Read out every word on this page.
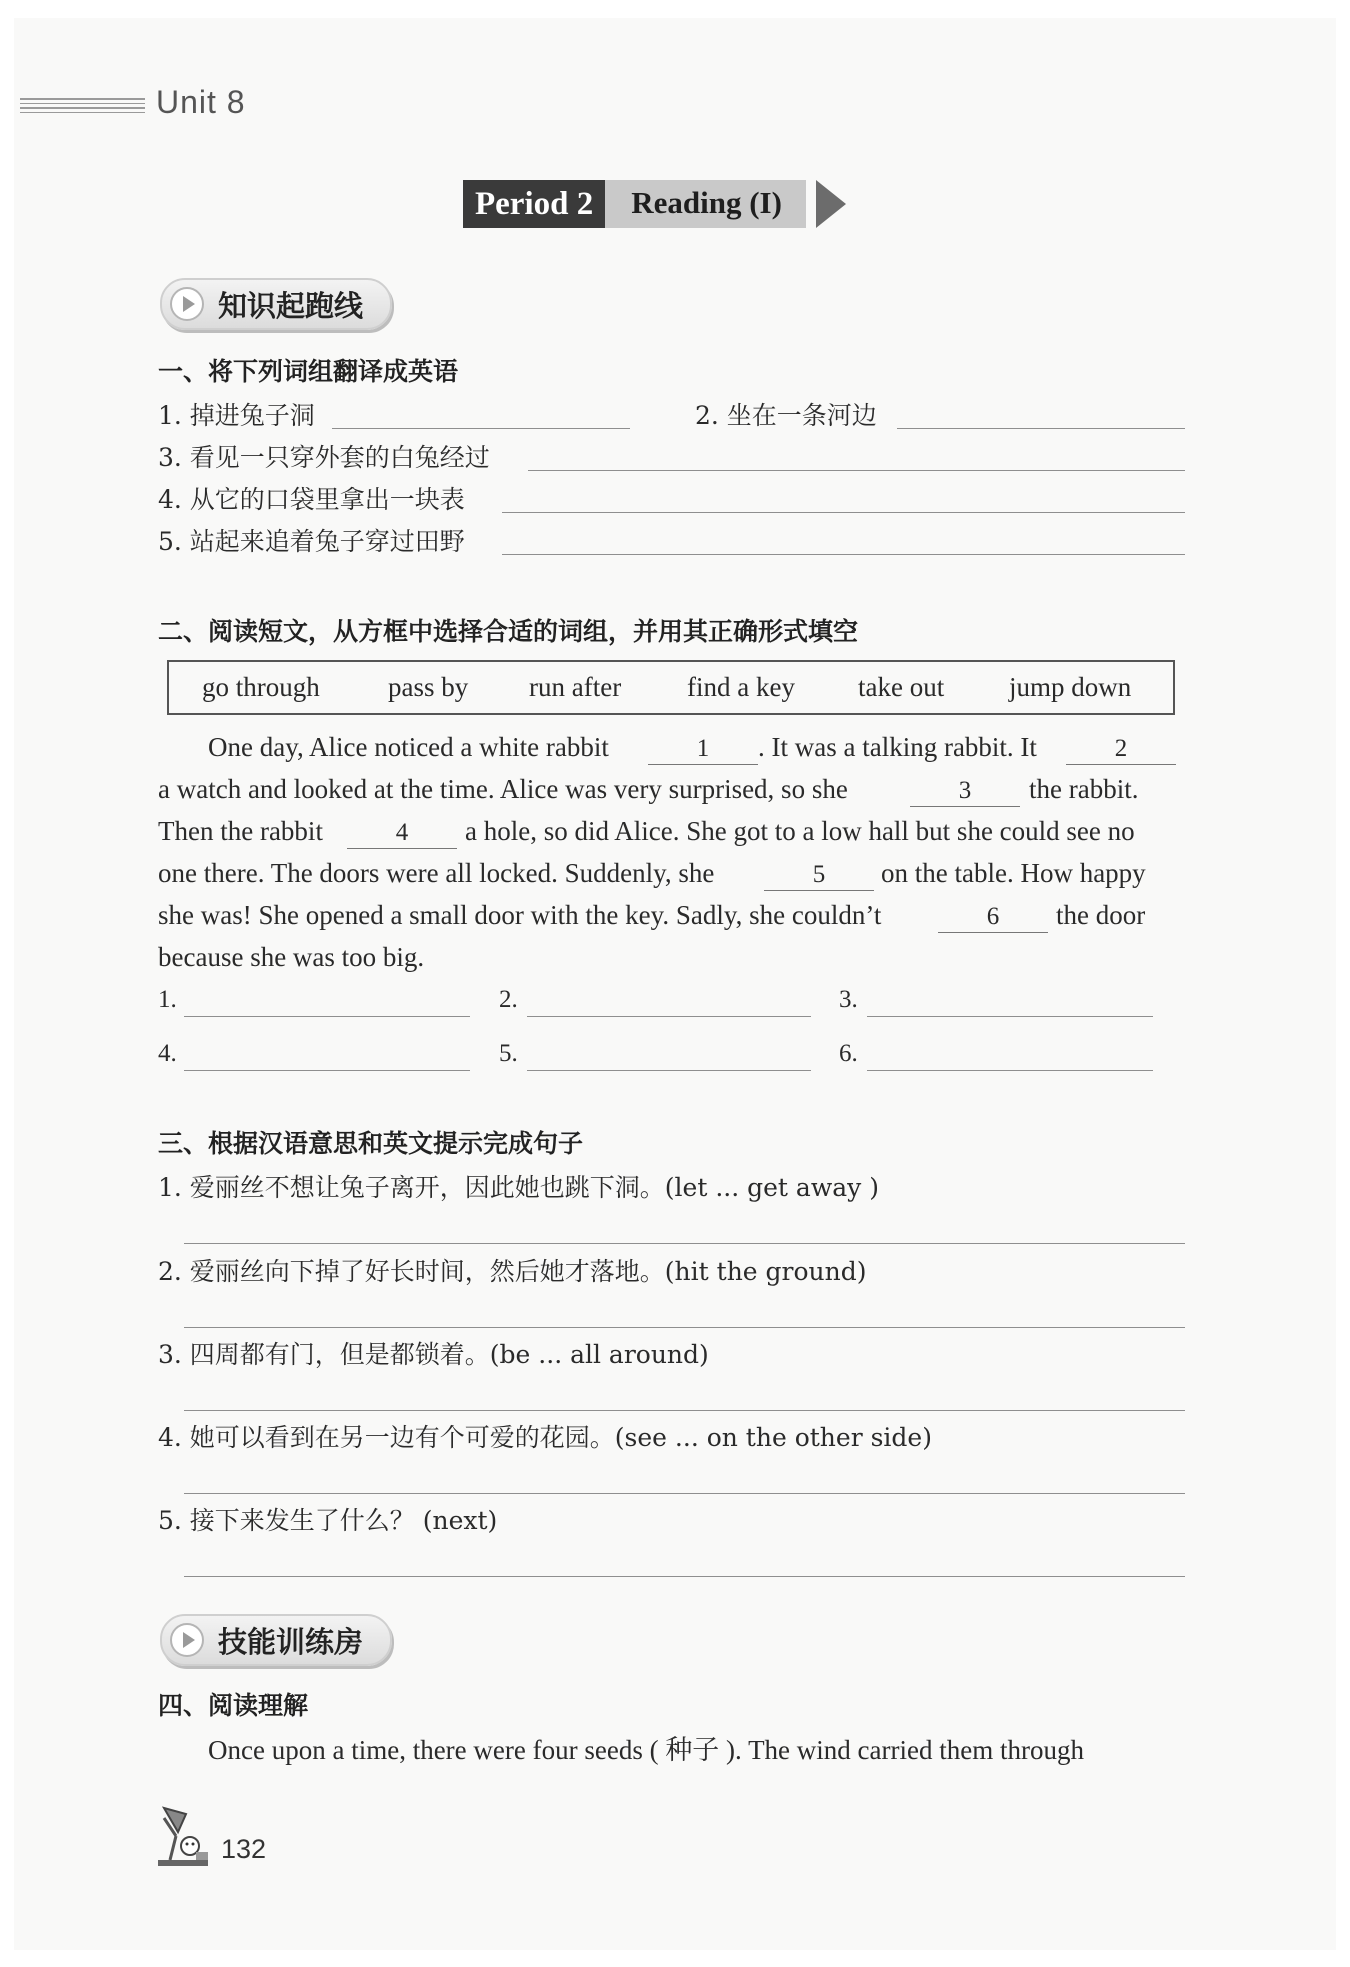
Unit 8
Period 2	Reading (I)
知识起跑线
一、将下列词组翻译成英语
1. 掉进兔子洞	2. 坐在一条河边
3. 看见一只穿外套的白兔经过
4. 从它的口袋里拿出一块表
5. 站起来追着兔子穿过田野
二、阅读短文，从方框中选择合适的词组，并用其正确形式填空
go through	pass by run after find a key take out jump down
One day, Alice noticed a white rabbit	1	. It was a talking rabbit. It	2
a watch and looked at the time. Alice was very surprised, so she	3	the rabbit.
Then the rabbit	4	a hole, so did Alice. She got to a low hall but she could see no
one there. The doors were all locked. Suddenly, she	5	on the table. How happy
she was! She opened a small door with the key. Sadly, she couldn’t	6	the door
because she was too big.
1.	2.	3.
4.	5.	6.
三、根据汉语意思和英文提示完成句子
1. 爱丽丝不想让兔子离开，因此她也跳下洞。(let ... get away )
2. 爱丽丝向下掉了好长时间，然后她才落地。(hit the ground)
3. 四周都有门，但是都锁着。(be ... all around)
4. 她可以看到在另一边有个可爱的花园。(see ... on the other side)
5. 接下来发生了什么？ (next)
技能训练房
四、阅读理解
Once upon a time, there were four seeds ( 种子 ). The wind carried them through
132
